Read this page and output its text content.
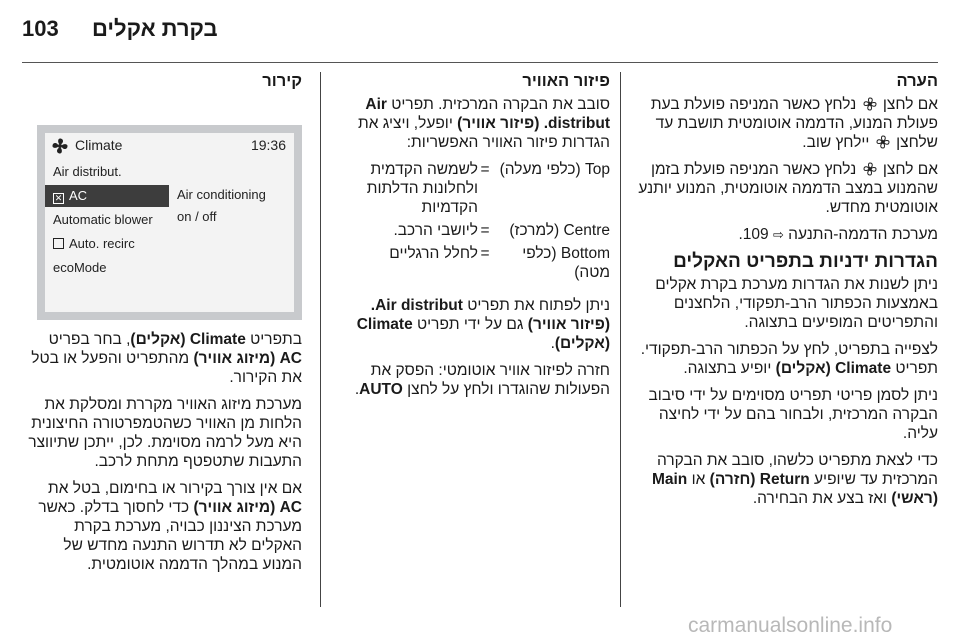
103 בקרת אקלים
הערה

אם לחצן  נלחץ כאשר המניפה פועלת בעת פעולת המנוע, הדממה אוטומטית תושבת עד שלחצן  יילחץ שוב.

אם לחצן  נלחץ כאשר המניפה פועלת בזמן שהמנוע במצב הדממה אוטומטית, המנוע יותנע אוטומטית מחדש.

מערכת הדממה-התנעה ⇨ 109.

הגדרות ידניות בתפריט האקלים

ניתן לשנות את הגדרות מערכת בקרת אקלים באמצעות הכפתור הרב-תפקודי, הלחצנים והתפריטים המופיעים בתצוגה.

לצפייה בתפריט, לחץ על הכפתור הרב-תפקודי. תפריט Climate (אקלים) יופיע בתצוגה.

ניתן לסמן פריטי תפריט מסוימים על ידי סיבוב הבקרה המרכזית, ולבחור בהם על ידי לחיצה עליה.

כדי לצאת מתפריט כלשהו, סובב את הבקרה המרכזית עד שיופיע Return (חזרה) או Main (ראשי) ואז בצע את הבחירה.

פיזור האוויר

סובב את הבקרה המרכזית. תפריט Air distribut. (פיזור אוויר) יופעל, ויציג את הגדרות פיזור האוויר האפשריות:

Top (כלפי מעלה)	=	לשמשה הקדמית ולחלונות הדלתות הקדמיות
Centre (למרכז)	=	ליושבי הרכב.
Bottom (כלפי מטה)	=	לחלל הרגליים

ניתן לפתוח את תפריט Air distribut. (פיזור אוויר) גם על ידי תפריט Climate (אקלים).

חזרה לפיזור אוויר אוטומטי: הפסק את הפעולות שהוגדרו ולחץ על לחצן AUTO.

קירור
Climate	19:36
Air distribut.
✕ AC
Automatic blower
Auto. recirc
ecoMode
Air conditioning
on / off

בתפריט Climate (אקלים), בחר בפריט AC (מיזוג אוויר) מהתפריט והפעל או בטל את הקירור.

מערכת מיזוג האוויר מקררת ומסלקת את הלחות מן האוויר כשהטמפרטורה החיצונית היא מעל לרמה מסוימת. לכן, ייתכן שתיווצר התעבות שתטפטף מתחת לרכב.

אם אין צורך בקירור או בחימום, בטל את AC (מיזוג אוויר) כדי לחסוך בדלק. כאשר מערכת הציננון כבויה, מערכת בקרת האקלים לא תדרוש התנעה מחדש של המנוע במהלך הדממה אוטומטית.

carmanualsonline.info
